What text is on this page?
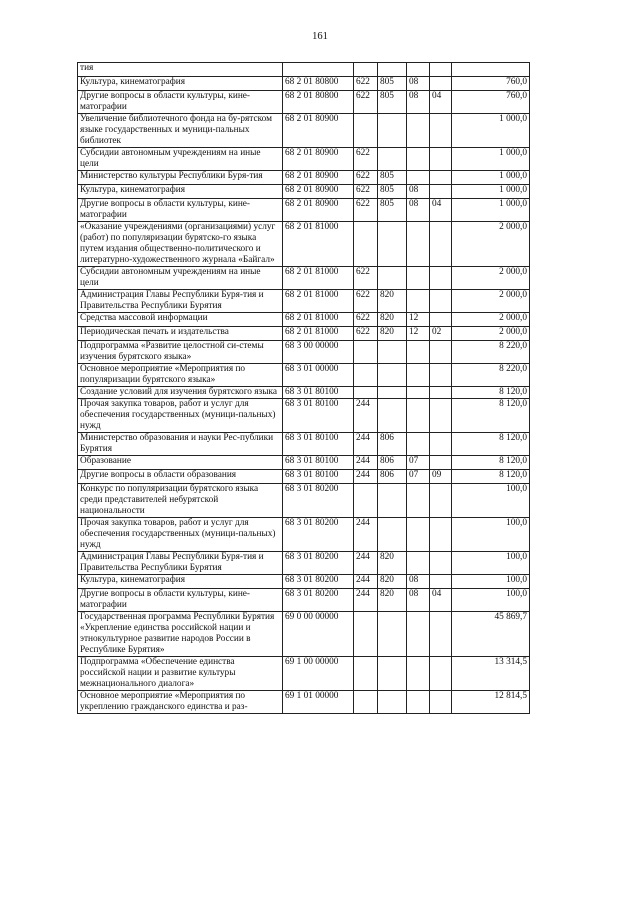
161
тия						
Культура, кинематография	68 2 01 80800	622	805	08		760,0
Другие вопросы в области культуры, кине-матографии	68 2 01 80800	622	805	08	04	760,0
Увеличение библиотечного фонда на бу-рятском языке государственных и муници-пальных библиотек	68 2 01 80900					1 000,0
Субсидии автономным учреждениям на иные цели	68 2 01 80900	622				1 000,0
Министерство культуры Республики Буря-тия	68 2 01 80900	622	805			1 000,0
Культура, кинематография	68 2 01 80900	622	805	08		1 000,0
Другие вопросы в области культуры, кине-матографии	68 2 01 80900	622	805	08	04	1 000,0
«Оказание учреждениями (организациями) услуг (работ) по популяризации бурятско-го языка путем издания общественно-политического и литературно-художественного журнала «Байгал»	68 2 01 81000					2 000,0
Субсидии автономным учреждениям на иные цели	68 2 01 81000	622				2 000,0
Администрация Главы Республики Буря-тия и Правительства Республики Бурятия	68 2 01 81000	622	820			2 000,0
Средства массовой информации	68 2 01 81000	622	820	12		2 000,0
Периодическая печать и издательства	68 2 01 81000	622	820	12	02	2 000,0
Подпрограмма «Развитие целостной си-стемы изучения бурятского языка»	68 3 00 00000					8 220,0
Основное мероприятие «Мероприятия по популяризации бурятского языка»	68 3 01 00000					8 220,0
Создание условий для изучения бурятского языка	68 3 01 80100					8 120,0
Прочая закупка товаров, работ и услуг для обеспечения государственных (муници-пальных) нужд	68 3 01 80100	244				8 120,0
Министерство образования и науки Рес-публики Бурятия	68 3 01 80100	244	806			8 120,0
Образование	68 3 01 80100	244	806	07		8 120,0
Другие вопросы в области образования	68 3 01 80100	244	806	07	09	8 120,0
Конкурс по популяризации бурятского языка среди представителей небурятской национальности	68 3 01 80200					100,0
Прочая закупка товаров, работ и услуг для обеспечения государственных (муници-пальных) нужд	68 3 01 80200	244				100,0
Администрация Главы Республики Буря-тия и Правительства Республики Бурятия	68 3 01 80200	244	820			100,0
Культура, кинематография	68 3 01 80200	244	820	08		100,0
Другие вопросы в области культуры, кине-матографии	68 3 01 80200	244	820	08	04	100,0
Государственная программа Республики Бурятия «Укрепление единства российской нации и этнокультурное развитие народов России в Республике Бурятия»	69 0 00 00000					45 869,7
Подпрограмма «Обеспечение единства российской нации и развитие культуры межнационального диалога»	69 1 00 00000					13 314,5
Основное мероприятие «Мероприятия по укреплению гражданского единства и раз-	69 1 01 00000					12 814,5
